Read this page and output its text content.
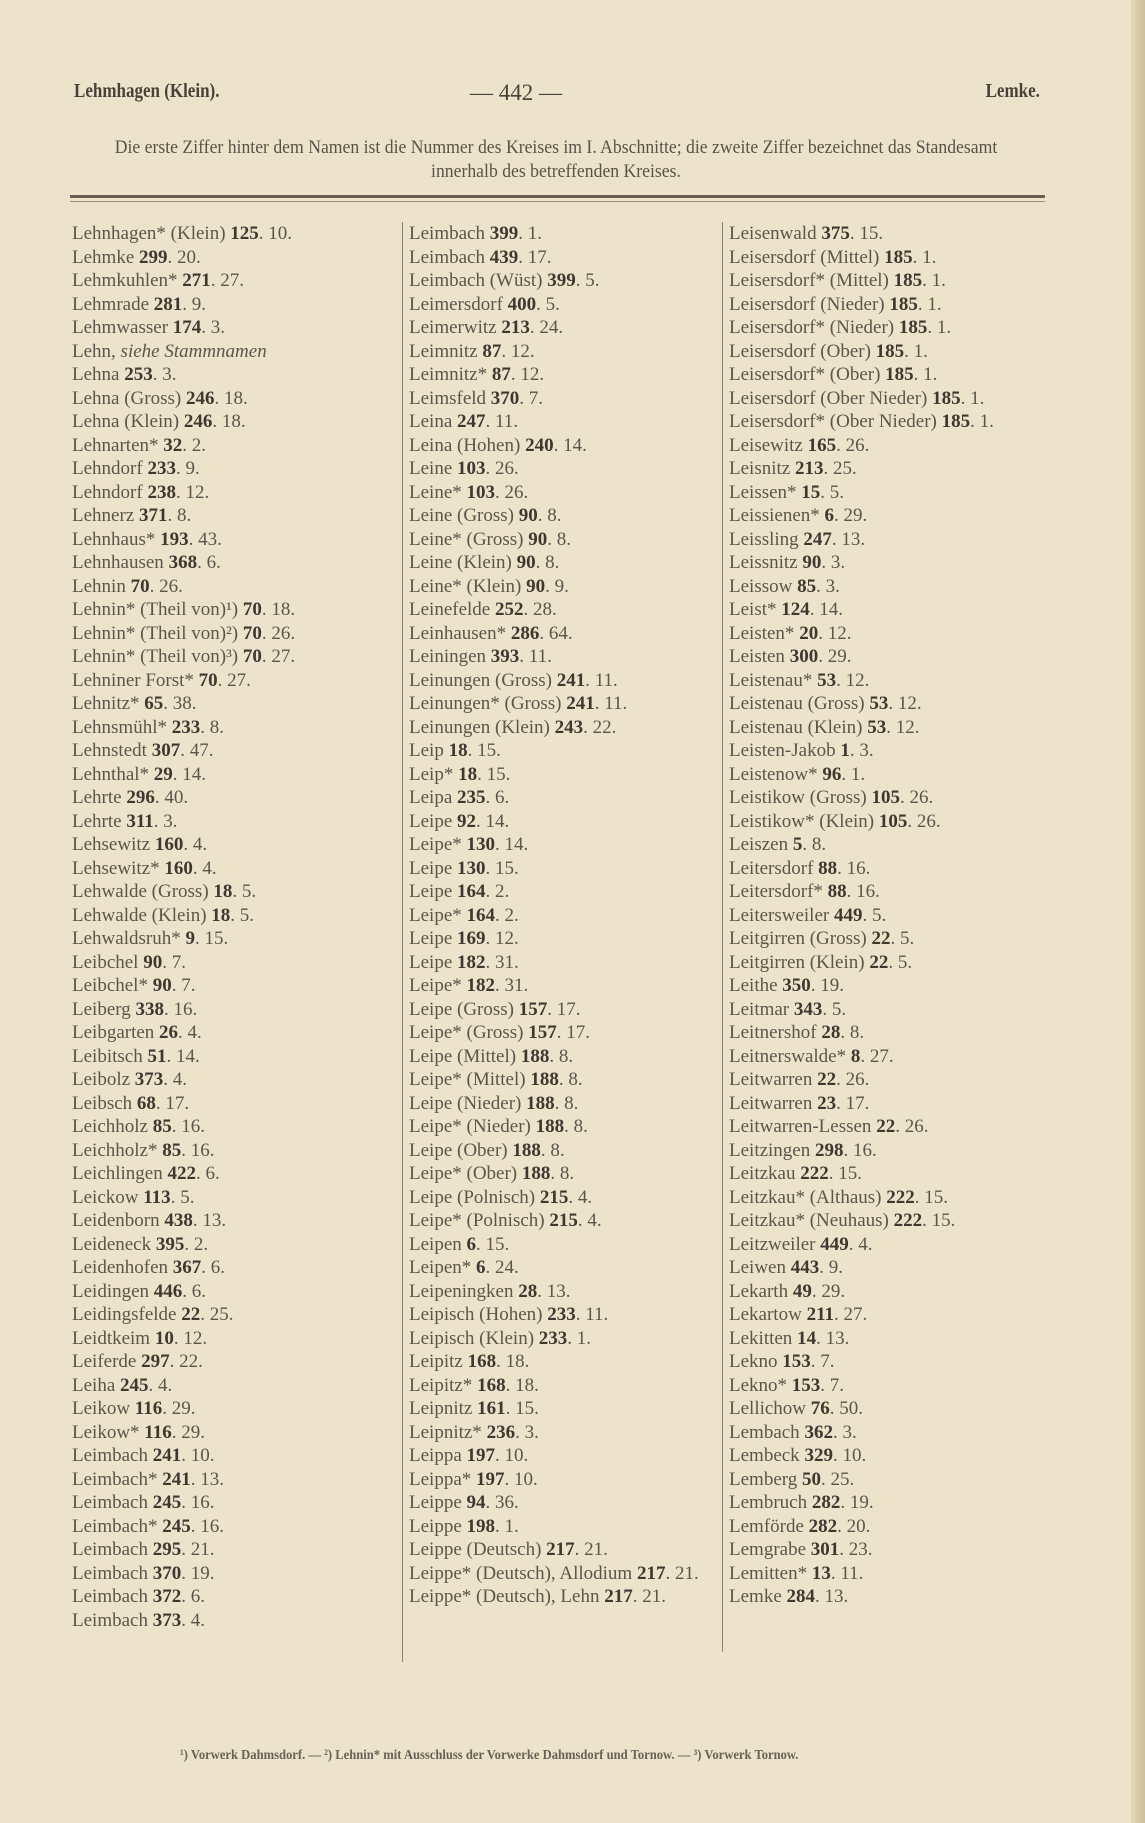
Lehmhagen (Klein).	— 442 —	Lemke.
Die erste Ziffer hinter dem Namen ist die Nummer des Kreises im I. Abschnitte; die zweite Ziffer bezeichnet das Standesamt innerhalb des betreffenden Kreises.
Lehnhagen* (Klein) 125. 10.
Lehmke 299. 20.
Lehmkuhlen* 271. 27.
Lehmrade 281. 9.
Lehmwasser 174. 3.
Lehn, siehe Stammnamen
Lehna 253. 3.
Lehna (Gross) 246. 18.
Lehna (Klein) 246. 18.
Lehnarten* 32. 2.
Lehndorf 233. 9.
Lehndorf 238. 12.
Lehnerz 371. 8.
Lehnhaus* 193. 43.
Lehnhausen 368. 6.
Lehnin 70. 26.
Lehnin* (Theil von)¹) 70. 18.
Lehnin* (Theil von)²) 70. 26.
Lehnin* (Theil von)³) 70. 27.
Lehniner Forst* 70. 27.
Lehnitz* 65. 38.
Lehnsmühl* 233. 8.
Lehnstedt 307. 47.
Lehnthal* 29. 14.
Lehrte 296. 40.
Lehrte 311. 3.
Lehsewitz 160. 4.
Lehsewitz* 160. 4.
Lehwalde (Gross) 18. 5.
Lehwalde (Klein) 18. 5.
Lehwaldsruh* 9. 15.
Leibchel 90. 7.
Leibchel* 90. 7.
Leiberg 338. 16.
Leibgarten 26. 4.
Leibitsch 51. 14.
Leibolz 373. 4.
Leibsch 68. 17.
Leichholz 85. 16.
Leichholz* 85. 16.
Leichlingen 422. 6.
Leickow 113. 5.
Leidenborn 438. 13.
Leideneck 395. 2.
Leidenhofen 367. 6.
Leidingen 446. 6.
Leidingsfelde 22. 25.
Leidtkeim 10. 12.
Leiferde 297. 22.
Leiha 245. 4.
Leikow 116. 29.
Leikow* 116. 29.
Leimbach 241. 10.
Leimbach* 241. 13.
Leimbach 245. 16.
Leimbach* 245. 16.
Leimbach 295. 21.
Leimbach 370. 19.
Leimbach 372. 6.
Leimbach 373. 4.
Leimbach 399. 1.
Leimbach 439. 17.
Leimbach (Wüst) 399. 5.
Leimersdorf 400. 5.
Leimerwitz 213. 24.
Leimnitz 87. 12.
Leimnitz* 87. 12.
Leimsfeld 370. 7.
Leina 247. 11.
Leina (Hohen) 240. 14.
Leine 103. 26.
Leine* 103. 26.
Leine (Gross) 90. 8.
Leine* (Gross) 90. 8.
Leine (Klein) 90. 8.
Leine* (Klein) 90. 9.
Leinefelde 252. 28.
Leinhausen* 286. 64.
Leiningen 393. 11.
Leinungen (Gross) 241. 11.
Leinungen* (Gross) 241. 11.
Leinungen (Klein) 243. 22.
Leip 18. 15.
Leip* 18. 15.
Leipa 235. 6.
Leipe 92. 14.
Leipe* 130. 14.
Leipe 130. 15.
Leipe 164. 2.
Leipe* 164. 2.
Leipe 169. 12.
Leipe 182. 31.
Leipe* 182. 31.
Leipe (Gross) 157. 17.
Leipe* (Gross) 157. 17.
Leipe (Mittel) 188. 8.
Leipe* (Mittel) 188. 8.
Leipe (Nieder) 188. 8.
Leipe* (Nieder) 188. 8.
Leipe (Ober) 188. 8.
Leipe* (Ober) 188. 8.
Leipe (Polnisch) 215. 4.
Leipe* (Polnisch) 215. 4.
Leipen 6. 15.
Leipen* 6. 24.
Leipeningken 28. 13.
Leipisch (Hohen) 233. 11.
Leipisch (Klein) 233. 1.
Leipitz 168. 18.
Leipitz* 168. 18.
Leipnitz 161. 15.
Leipnitz* 236. 3.
Leippa 197. 10.
Leippa* 197. 10.
Leippe 94. 36.
Leippe 198. 1.
Leippe (Deutsch) 217. 21.
Leippe* (Deutsch), Allodium 217. 21.
Leippe* (Deutsch), Lehn 217. 21.
Leisenwald 375. 15.
Leisersdorf (Mittel) 185. 1.
Leisersdorf* (Mittel) 185. 1.
Leisersdorf (Nieder) 185. 1.
Leisersdorf* (Nieder) 185. 1.
Leisersdorf (Ober) 185. 1.
Leisersdorf* (Ober) 185. 1.
Leisersdorf (Ober Nieder) 185. 1.
Leisersdorf* (Ober Nieder) 185. 1.
Leisewitz 165. 26.
Leisnitz 213. 25.
Leissen* 15. 5.
Leissienen* 6. 29.
Leissling 247. 13.
Leissnitz 90. 3.
Leissow 85. 3.
Leist* 124. 14.
Leisten* 20. 12.
Leisten 300. 29.
Leistenau* 53. 12.
Leistenau (Gross) 53. 12.
Leistenau (Klein) 53. 12.
Leisten-Jakob 1. 3.
Leistenow* 96. 1.
Leistikow (Gross) 105. 26.
Leistikow* (Klein) 105. 26.
Leiszen 5. 8.
Leitersdorf 88. 16.
Leitersdorf* 88. 16.
Leitersweiler 449. 5.
Leitgirren (Gross) 22. 5.
Leitgirren (Klein) 22. 5.
Leithe 350. 19.
Leitmar 343. 5.
Leitnershof 28. 8.
Leitnerswalde* 8. 27.
Leitwarren 22. 26.
Leitwarren 23. 17.
Leitwarren-Lessen 22. 26.
Leitzingen 298. 16.
Leitzkau 222. 15.
Leitzkau* (Althaus) 222. 15.
Leitzkau* (Neuhaus) 222. 15.
Leitzweiler 449. 4.
Leiwen 443. 9.
Lekarth 49. 29.
Lekartow 211. 27.
Lekitten 14. 13.
Lekno 153. 7.
Lekno* 153. 7.
Lellichow 76. 50.
Lembach 362. 3.
Lembeck 329. 10.
Lemberg 50. 25.
Lembruch 282. 19.
Lemförde 282. 20.
Lemgrabe 301. 23.
Lemitten* 13. 11.
Lemke 284. 13.
¹) Vorwerk Dahmsdorf. — ²) Lehnin* mit Ausschluss der Vorwerke Dahmsdorf und Tornow. — ³) Vorwerk Tornow.
